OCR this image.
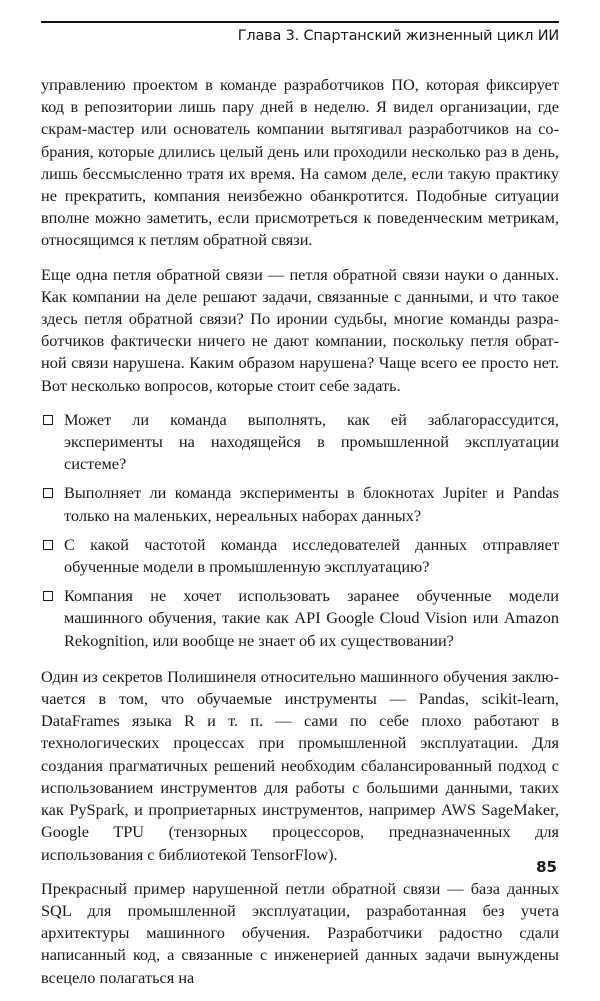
Глава 3. Спартанский жизненный цикл ИИ

управлению проектом в команде разработчиков ПО, которая фиксирует код в репозитории лишь пару дней в неделю. Я видел организации, где скрам-мастер или основатель компании вытягивал разработчиков на собрания, которые длились целый день или проходили несколько раз в день, лишь бессмысленно тратя их время. На самом деле, если такую практику не прекратить, компания неизбежно обанкротится. Подобные ситуации вполне можно заметить, если присмотреться к поведенческим метрикам, относящимся к петлям обратной связи.

Еще одна петля обратной связи — петля обратной связи науки о данных. Как компании на деле решают задачи, связанные с данными, и что такое здесь петля обратной связи? По иронии судьбы, многие команды разработчиков фактически ничего не дают компании, поскольку петля обратной связи нарушена. Каким образом нарушена? Чаще всего ее просто нет. Вот несколько вопросов, которые стоит себе задать.

Может ли команда выполнять, как ей заблагорассудится, эксперименты на находящейся в промышленной эксплуатации системе?
Выполняет ли команда эксперименты в блокнотах Jupiter и Pandas только на маленьких, нереальных наборах данных?
С какой частотой команда исследователей данных отправляет обученные модели в промышленную эксплуатацию?
Компания не хочет использовать заранее обученные модели машинного обучения, такие как API Google Cloud Vision или Amazon Rekognition, или вообще не знает об их существовании?

Один из секретов Полишинеля относительно машинного обучения заключается в том, что обучаемые инструменты — Pandas, scikit-learn, DataFrames языка R и т. п. — сами по себе плохо работают в технологических процессах при промышленной эксплуатации. Для создания прагматичных решений необходим сбалансированный подход с использованием инструментов для работы с большими данными, таких как PySpark, и проприетарных инструментов, например AWS SageMaker, Google TPU (тензорных процессоров, предназначенных для использования с библиотекой TensorFlow).

Прекрасный пример нарушенной петли обратной связи — база данных SQL для промышленной эксплуатации, разработанная без учета архитектуры машинного обучения. Разработчики радостно сдали написанный код, а связанные с инженерией данных задачи вынуждены всецело полагаться на

85
